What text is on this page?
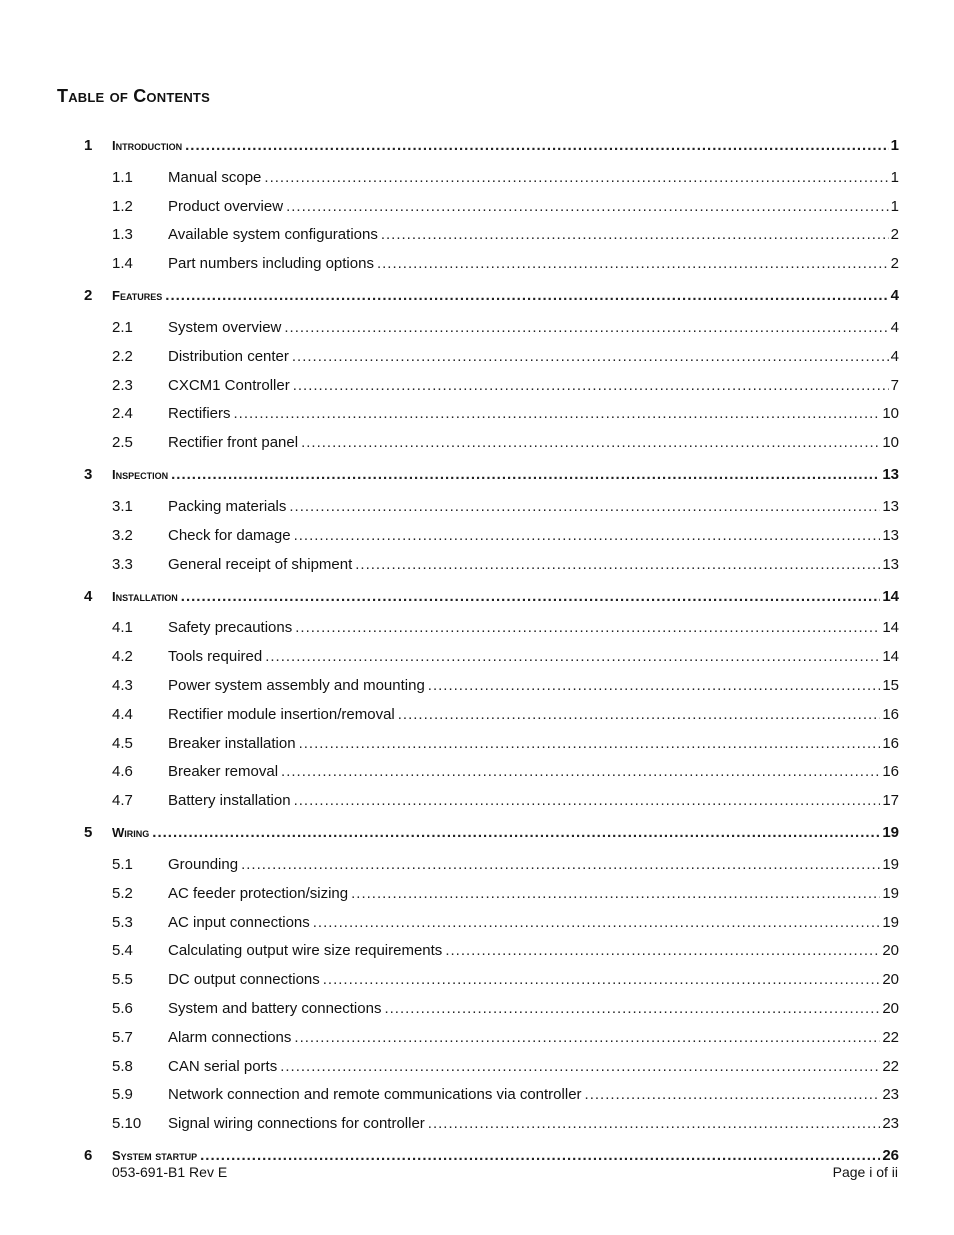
Table of Contents
1	Introduction .....	1
1.1	Manual scope .....	1
1.2	Product overview .....	1
1.3	Available system configurations .....	2
1.4	Part numbers including options .....	2
2	Features .....	4
2.1	System overview .....	4
2.2	Distribution center .....	4
2.3	CXCM1 Controller .....	7
2.4	Rectifiers .....	10
2.5	Rectifier front panel .....	10
3	Inspection .....	13
3.1	Packing materials .....	13
3.2	Check for damage .....	13
3.3	General receipt of shipment .....	13
4	Installation .....	14
4.1	Safety precautions .....	14
4.2	Tools required .....	14
4.3	Power system assembly and mounting .....	15
4.4	Rectifier module insertion/removal .....	16
4.5	Breaker installation .....	16
4.6	Breaker removal .....	16
4.7	Battery installation .....	17
5	Wiring .....	19
5.1	Grounding .....	19
5.2	AC feeder protection/sizing .....	19
5.3	AC input connections .....	19
5.4	Calculating output wire size requirements .....	20
5.5	DC output connections .....	20
5.6	System and battery connections .....	20
5.7	Alarm connections .....	22
5.8	CAN serial ports .....	22
5.9	Network connection and remote communications via controller .....	23
5.10	Signal wiring connections for controller .....	23
6	System startup .....	26
053-691-B1 Rev E	Page i of ii
